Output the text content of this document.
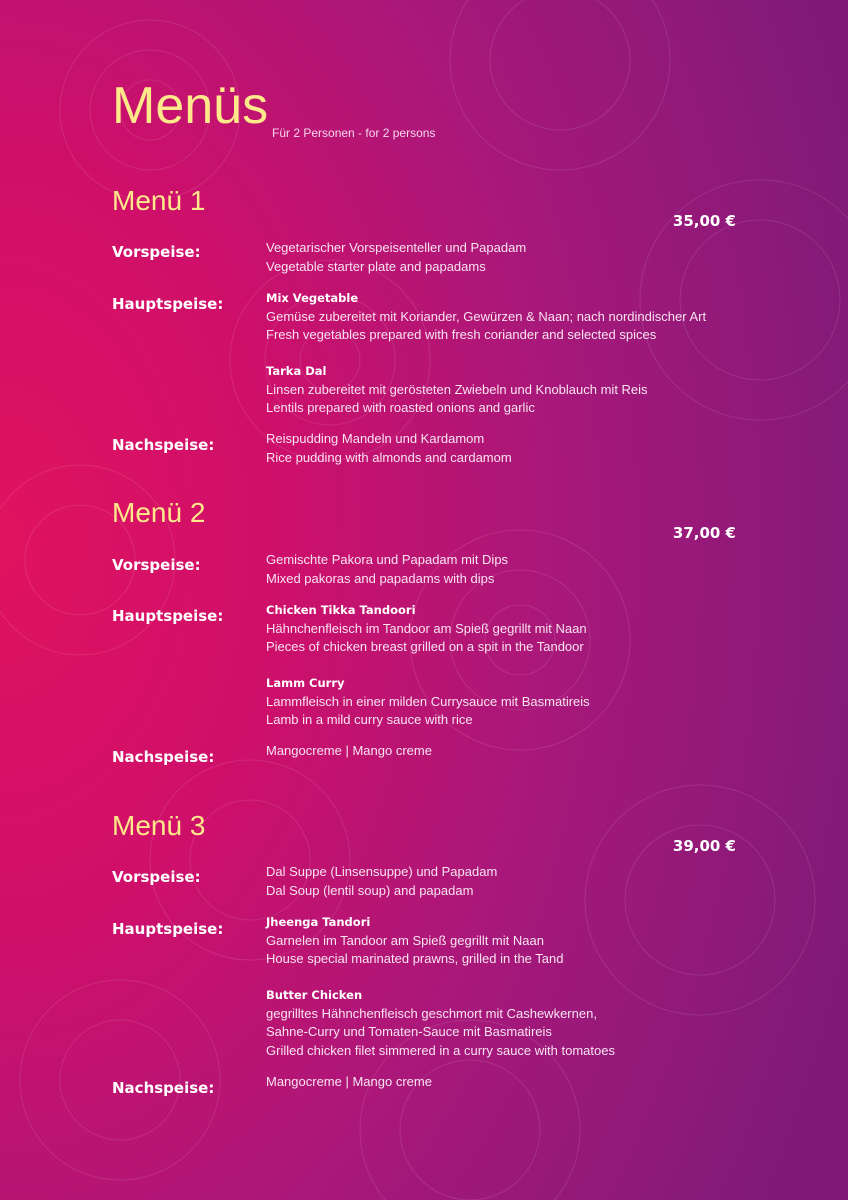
Menüs Für 2 Personen - for 2 persons
Menü 1
35,00 €
Vorspeise:	Vegetarischer Vorspeisenteller und Papadam
Vegetable starter plate and papadams
Hauptspeise:	Mix Vegetable
Gemüse zubereitet mit Koriander, Gewürzen & Naan; nach nordindischer Art
Fresh vegetables prepared with fresh coriander and selected spices
Tarka Dal
Linsen zubereitet mit gerösteten Zwiebeln und Knoblauch mit Reis
Lentils prepared with roasted onions and garlic
Nachspeise:	Reispudding Mandeln und Kardamom
Rice pudding with almonds and cardamom
Menü 2
37,00 €
Vorspeise:	Gemischte Pakora und Papadam mit Dips
Mixed pakoras and papadams with dips
Hauptspeise:	Chicken Tikka Tandoori
Hähnchenfleisch im Tandoor am Spieß gegrillt mit Naan
Pieces of chicken breast grilled on a spit in the Tandoor
Lamm Curry
Lammfleisch in einer milden Currysauce mit Basmatireis
Lamb in a mild curry sauce with rice
Nachspeise:	Mangocreme | Mango creme
Menü 3
39,00 €
Vorspeise:	Dal Suppe (Linsensuppe) und Papadam
Dal Soup (lentil soup) and papadam
Hauptspeise:	Jheenga Tandori
Garnelen im Tandoor am Spieß gegrillt mit Naan
House special marinated prawns, grilled in the Tand
Butter Chicken
gegrilltes Hähnchenfleisch geschmort mit Cashewkernen,
Sahne-Curry und Tomaten-Sauce mit Basmatireis
Grilled chicken filet simmered in a curry sauce with tomatoes
Nachspeise:	Mangocreme | Mango creme
